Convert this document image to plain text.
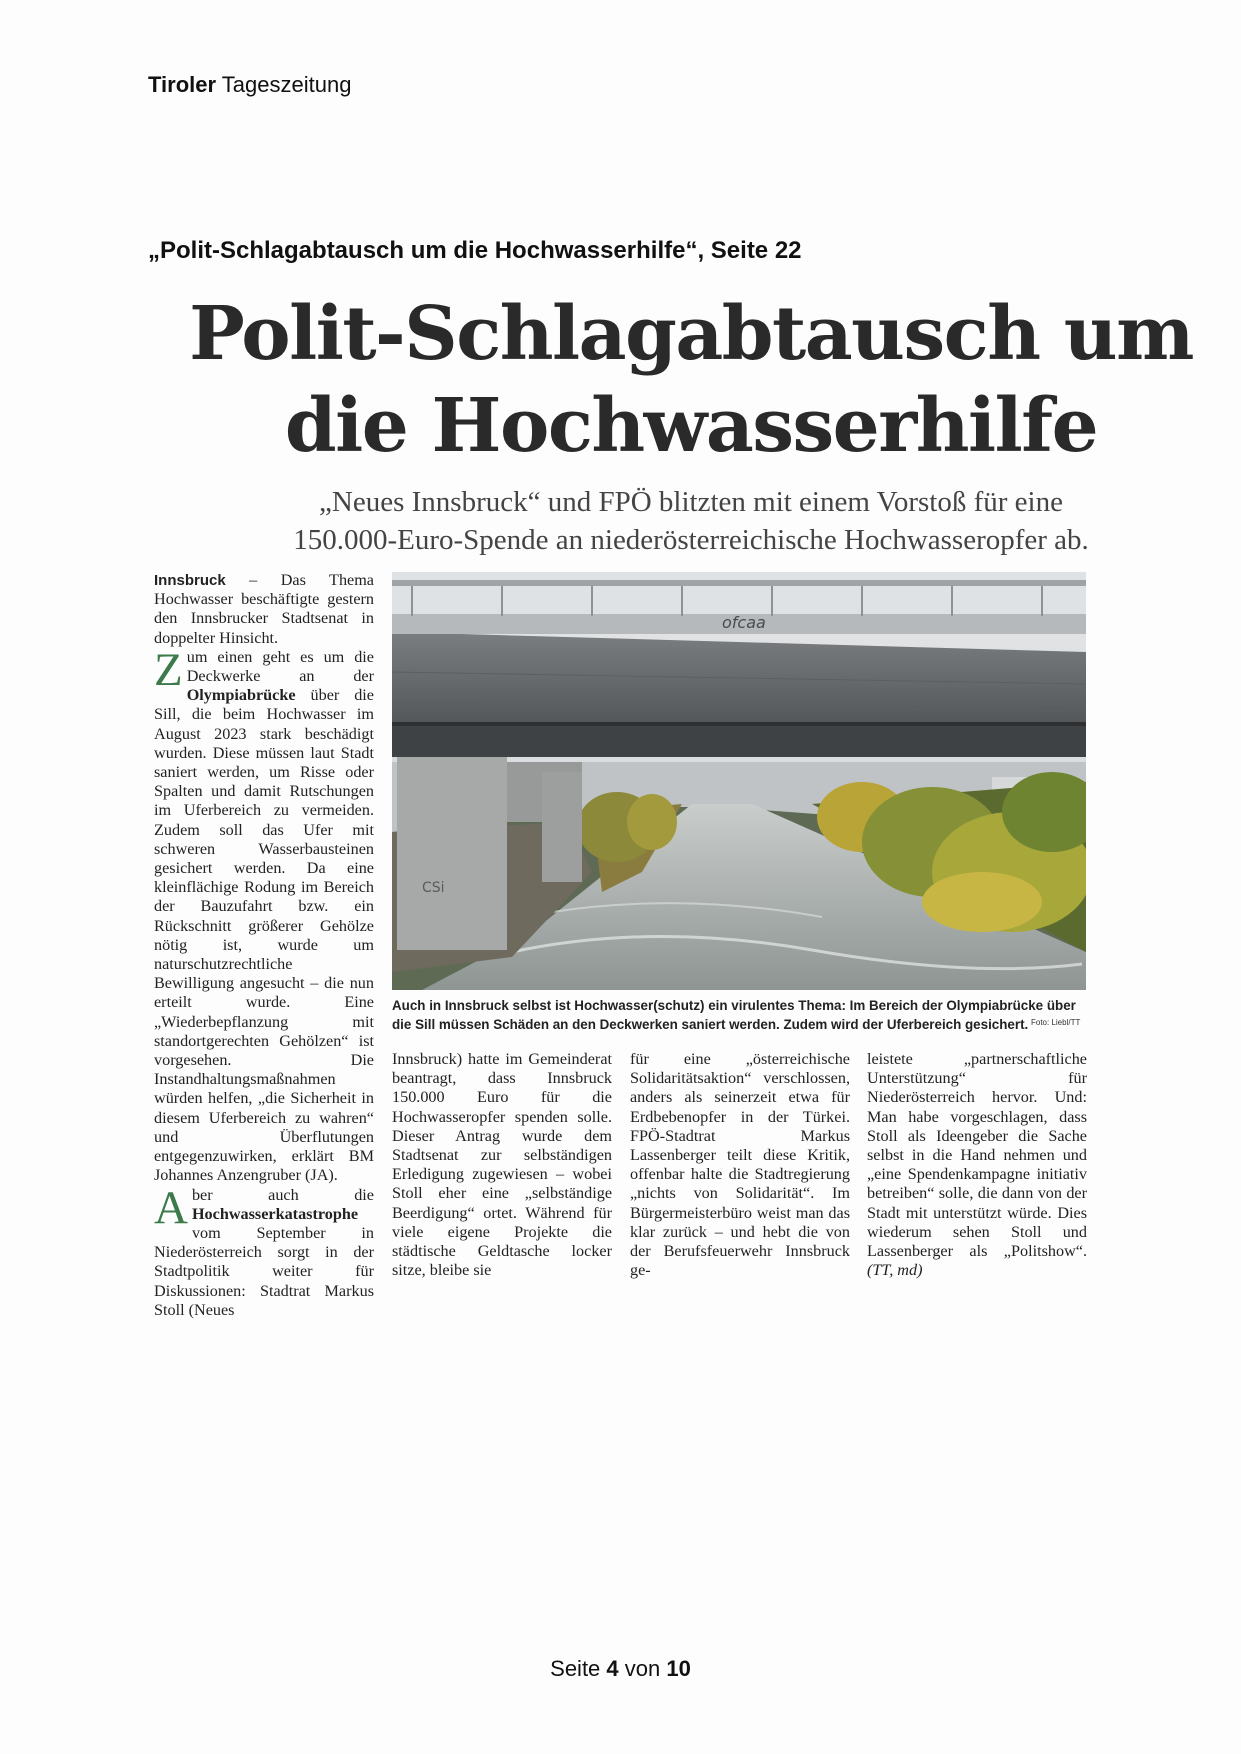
Tiroler Tageszeitung
„Polit-Schlagabtausch um die Hochwasserhilfe“, Seite 22
Polit-Schlagabtausch um
die Hochwasserhilfe
„Neues Innsbruck“ und FPÖ blitzten mit einem Vorstoß für eine
150.000-Euro-Spende an niederösterreichische Hochwasseropfer ab.

Innsbruck – Das Thema Hochwasser beschäftigte gestern den Innsbrucker Stadtsenat in doppelter Hinsicht.

Zum einen geht es um die Deckwerke an der Olympiabrücke über die Sill, die beim Hochwasser im August 2023 stark beschädigt wurden. Diese müssen laut Stadt saniert werden, um Risse oder Spalten und damit Rutschungen im Uferbereich zu vermeiden. Zudem soll das Ufer mit schweren Wasserbausteinen gesichert werden. Da eine kleinflächige Rodung im Bereich der Bauzufahrt bzw. ein Rückschnitt größerer Gehölze nötig ist, wurde um naturschutzrechtliche Bewilligung angesucht – die nun erteilt wurde. Eine „Wiederbepflanzung mit standortgerechten Gehölzen“ ist vorgesehen. Die Instandhaltungsmaßnahmen würden helfen, „die Sicherheit in diesem Uferbereich zu wahren“ und Überflutungen entgegenzuwirken, erklärt BM Johannes Anzengruber (JA).

Aber auch die Hochwasserkatastrophe vom September in Niederösterreich sorgt in der Stadtpolitik weiter für Diskussionen: Stadtrat Markus Stoll (Neues

CSi
ofcaa
Auch in Innsbruck selbst ist Hochwasser(schutz) ein virulentes Thema: Im Bereich der Olympiabrücke über die Sill müssen Schäden an den Deckwerken saniert werden. Zudem wird der Uferbereich gesichert. Foto: Liebl/TT

Innsbruck) hatte im Gemeinderat beantragt, dass Innsbruck 150.000 Euro für die Hochwasseropfer spenden solle. Dieser Antrag wurde dem Stadtsenat zur selbständigen Erledigung zugewiesen – wobei Stoll eher eine „selbständige Beerdigung“ ortet. Während für viele eigene Projekte die städtische Geldtasche locker sitze, bleibe sie

für eine „österreichische Solidaritätsaktion“ verschlossen, anders als seinerzeit etwa für Erdbebenopfer in der Türkei. FPÖ-Stadtrat Markus Lassenberger teilt diese Kritik, offenbar halte die Stadtregierung „nichts von Solidarität“. Im Bürgermeisterbüro weist man das klar zurück – und hebt die von der Berufsfeuerwehr Innsbruck ge-

leistete „partnerschaftliche Unterstützung“ für Niederösterreich hervor. Und: Man habe vorgeschlagen, dass Stoll als Ideengeber die Sache selbst in die Hand nehmen und „eine Spendenkampagne initiativ betreiben“ solle, die dann von der Stadt mit unterstützt würde. Dies wiederum sehen Stoll und Lassenberger als „Politshow“. (TT, md)

Seite 4 von 10
